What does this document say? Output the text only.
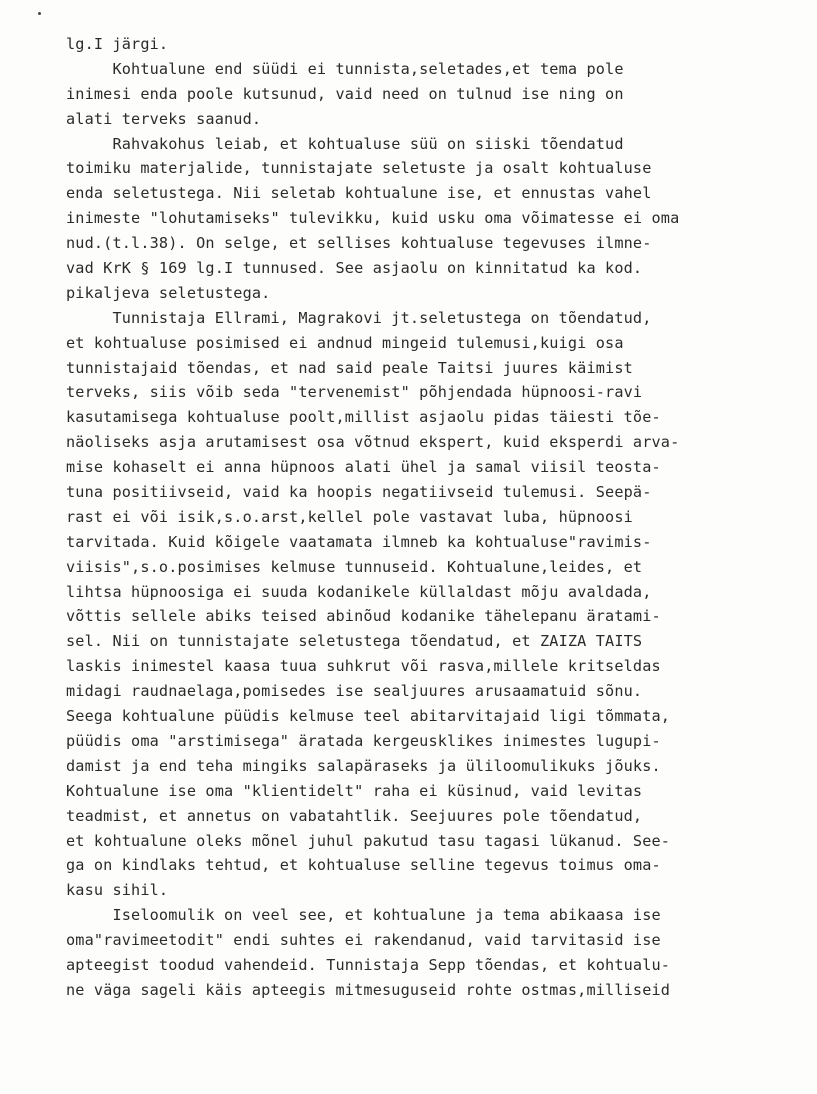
lg.I järgi.
Kohtualune end süüdi ei tunnista,seletades,et tema pole
inimesi enda poole kutsunud, vaid need on tulnud ise ning on
alati terveks saanud.
Rahvakohus leiab, et kohtualuse süü on siiski tõendatud
toimiku materjalide, tunnistajate seletuste ja osalt kohtualuse
enda seletustega. Nii seletab kohtualune ise, et ennustas vahel
inimeste "lohutamiseks" tulevikku, kuid usku oma võimatesse ei oma
nud.(t.l.38). On selge, et sellises kohtualuse tegevuses ilmne-
vad KrK § 169 lg.I tunnused. See asjaolu on kinnitatud ka kod.
pikaljeva seletustega.
Tunnistaja Ellrami, Magrakovi jt.seletustega on tõendatud,
et kohtualuse posimised ei andnud mingeid tulemusi,kuigi osa
tunnistajaid tõendas, et nad said peale Taitsi juures käimist
terveks, siis võib seda "tervenemist" põhjendada hüpnoosi-ravi
kasutamisega kohtualuse poolt,millist asjaolu pidas täiesti tõe-
näoliseks asja arutamisest osa võtnud ekspert, kuid eksperdi arva-
mise kohaselt ei anna hüpnoos alati ühel ja samal viisil teosta-
tuna positiivseid, vaid ka hoopis negatiivseid tulemusi. Seepä-
rast ei või isik,s.o.arst,kellel pole vastavat luba, hüpnoosi
tarvitada. Kuid kõigele vaatamata ilmneb ka kohtualuse"ravimis-
viisis",s.o.posimises kelmuse tunnuseid. Kohtualune,leides, et
lihtsa hüpnoosiga ei suuda kodanikele küllaldast mõju avaldada,
võttis sellele abiks teised abinõud kodanike tähelepanu äratami-
sel. Nii on tunnistajate seletustega tõendatud, et ZAIZA TAITS
laskis inimestel kaasa tuua suhkrut või rasva,millele kritseldas
midagi raudnaelaga,pomisedes ise sealjuures arusaamatuid sõnu.
Seega kohtualune püüdis kelmuse teel abitarvitajaid ligi tõmmata,
püüdis oma "arstimisega" äratada kergeusklikes inimestes lugupi-
damist ja end teha mingiks salapäraseks ja üliloomulikuks jõuks.
Kohtualune ise oma "klientidelt" raha ei küsinud, vaid levitas
teadmist, et annetus on vabatahtlik. Seejuures pole tõendatud,
et kohtualune oleks mõnel juhul pakutud tasu tagasi lükanud. See-
ga on kindlaks tehtud, et kohtualuse selline tegevus toimus oma-
kasu sihil.
Iseloomulik on veel see, et kohtualune ja tema abikaasa ise
oma"ravimeetodit" endi suhtes ei rakendanud, vaid tarvitasid ise
apteegist toodud vahendeid. Tunnistaja Sepp tõendas, et kohtualu-
ne väga sageli käis apteegis mitmesuguseid rohte ostmas,milliseid
